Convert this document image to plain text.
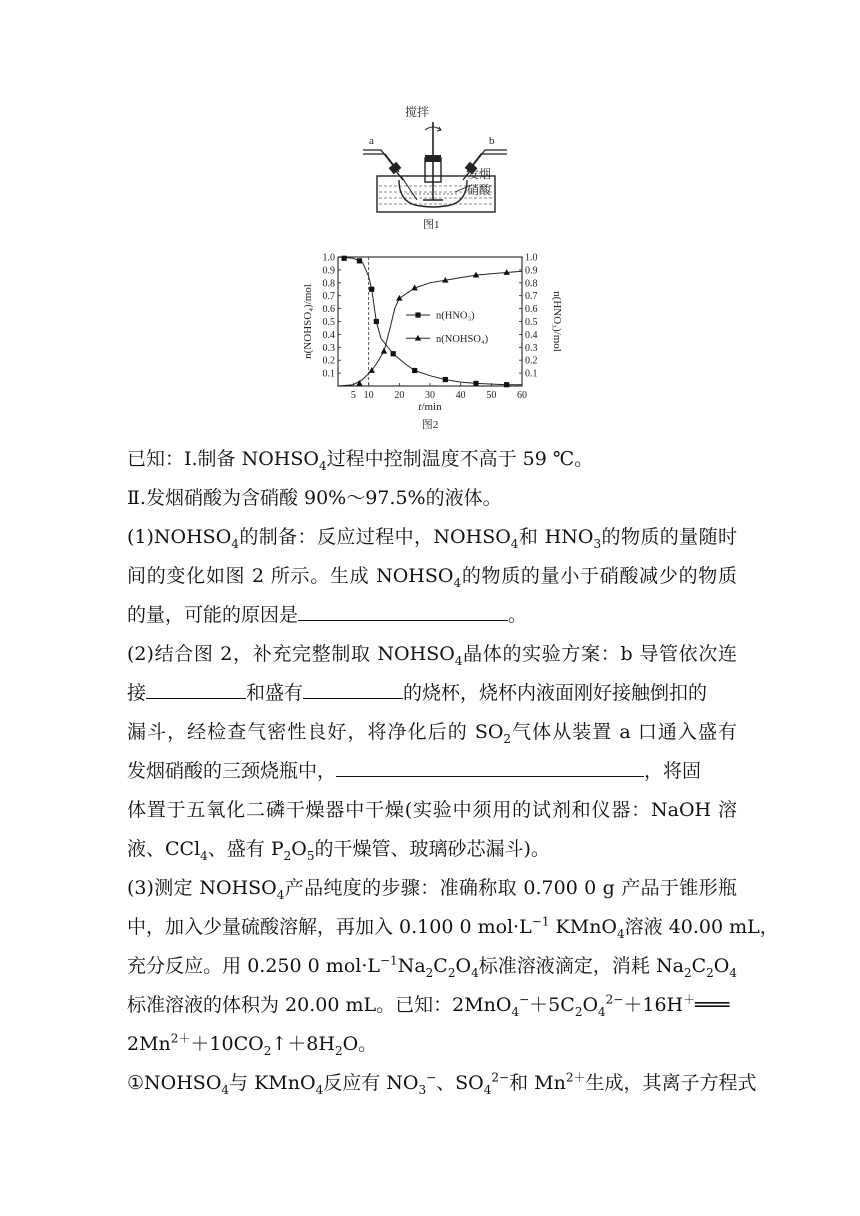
搅拌
a	b
发烟
硝酸
图1
5 10 20 30 40 50 60
0.1	0.1
0.2	0.2
0.3	0.3
0.4	0.4
0.5	0.5
0.6	0.6
0.7	0.7
0.8	0.8
0.9	0.9
1.0	1.0
n(NOHSO₄)/mol	n(HNO₃)/mol
t/min
图2
n(HNO₃)
n(NOHSO₄)
已知：Ⅰ.制备 $NOHSO_4$过程中控制温度不高于 59 ℃。
Ⅱ.发烟硝酸为含硝酸 90%～97.5%的液体。
$(1)NOHSO_4$的制备：反应过程中，$NOHSO_4$和 $HNO_3$的物质的量随时
间的变化如图 2 所示。生成 $NOHSO_4$的物质的量小于硝酸减少的物质
的量，可能的原因是	。
(2)结合图 2，补充完整制取 $NOHSO_4$晶体的实验方案：b 导管依次连
接	和盛有	的烧杯，烧杯内液面刚好接触倒扣的
漏斗，经检查气密性良好，将净化后的 $SO_2$气体从装置 a 口通入盛有
发烟硝酸的三颈烧瓶中，	，将固
体置于五氧化二磷干燥器中干燥(实验中须用的试剂和仪器：NaOH 溶
液、CCl$_4$、盛有 $P_2O_5$的干燥管、玻璃砂芯漏斗)。
(3)测定 $NOHSO_4$产品纯度的步骤：准确称取 0.700 0 g 产品于锥形瓶
中，加入少量硫酸溶解，再加入 0.100 0 $mol\cdot L^{-1}$ KMnO$_4$溶液 40.00 mL，
充分反应。用 0.250 0 $mol\cdot L^{-1}Na_2C_2O_4$标准溶液滴定，消耗 $Na_2C_2O_4$
标准溶液的体积为 20.00 mL。已知：$2MnO_4^-+5C_2O_4^{2-}+16H^+═══$
$2Mn^{2+}+10CO_2↑+8H_2O$。
$①NOHSO_4$与 KMnO$_4$反应有 $NO_3^-$、$SO_4^{2-}$和 $Mn^{2+}$生成，其离子方程式
